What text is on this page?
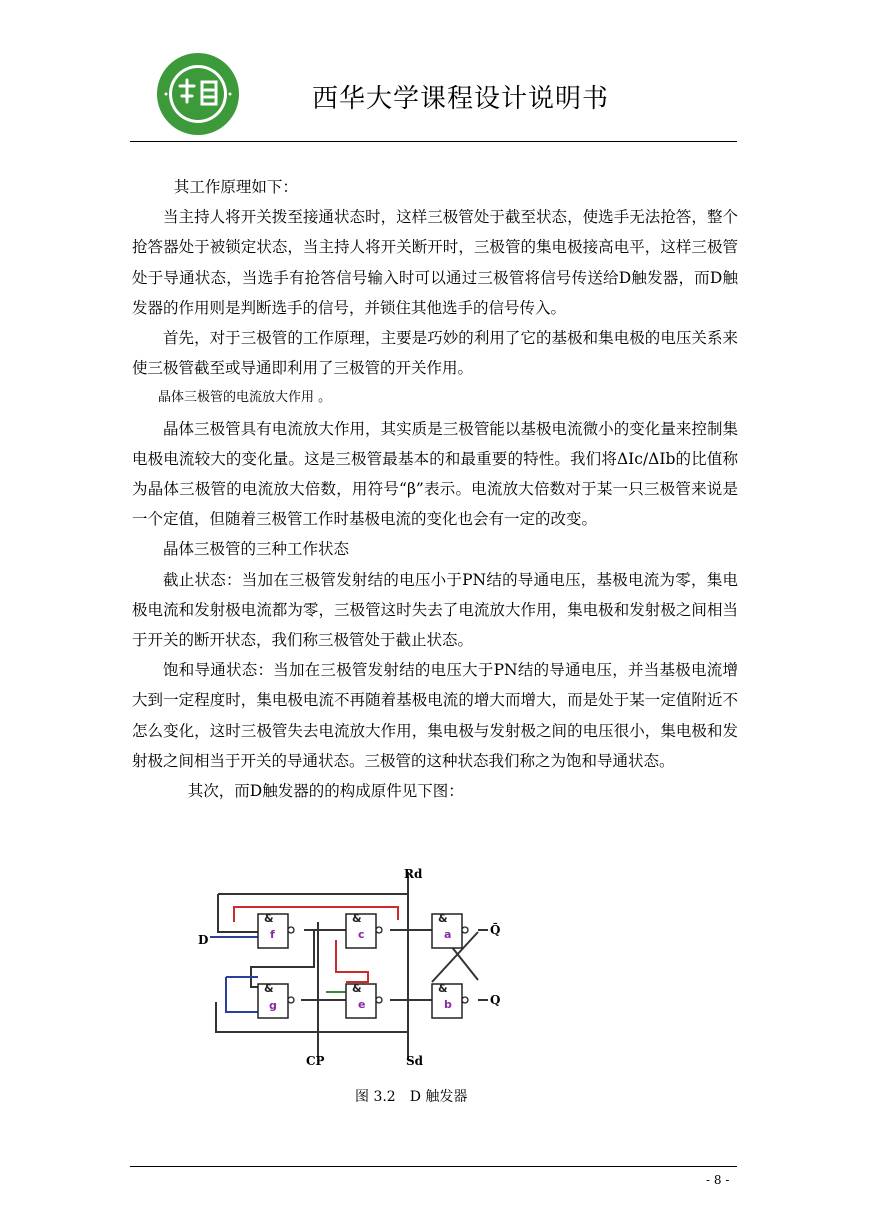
西华大学课程设计说明书

其工作原理如下：

当主持人将开关拨至接通状态时，这样三极管处于截至状态，使选手无法抢答，整个抢答器处于被锁定状态，当主持人将开关断开时，三极管的集电极接高电平，这样三极管处于导通状态，当选手有抢答信号输入时可以通过三极管将信号传送给D触发器，而D触发器的作用则是判断选手的信号，并锁住其他选手的信号传入。

首先，对于三极管的工作原理，主要是巧妙的利用了它的基极和集电极的电压关系来使三极管截至或导通即利用了三极管的开关作用。

晶体三极管的电流放大作用 。

晶体三极管具有电流放大作用，其实质是三极管能以基极电流微小的变化量来控制集电极电流较大的变化量。这是三极管最基本的和最重要的特性。我们将ΔIc/ΔIb的比值称为晶体三极管的电流放大倍数，用符号“β”表示。电流放大倍数对于某一只三极管来说是一个定值，但随着三极管工作时基极电流的变化也会有一定的改变。

晶体三极管的三种工作状态

截止状态：当加在三极管发射结的电压小于PN结的导通电压，基极电流为零，集电极电流和发射极电流都为零，三极管这时失去了电流放大作用，集电极和发射极之间相当于开关的断开状态，我们称三极管处于截止状态。

饱和导通状态：当加在三极管发射结的电压大于PN结的导通电压，并当基极电流增大到一定程度时，集电极电流不再随着基极电流的增大而增大，而是处于某一定值附近不怎么变化，这时三极管失去电流放大作用，集电极与发射极之间的电压很小，集电极和发射极之间相当于开关的导通状态。三极管的这种状态我们称之为饱和导通状态。

其次，而D触发器的的构成原件见下图：

&
f
&
c
&
a
&
g
&
e
&
b
Rd
Sd
D
CP
Q̄
Q
图 3.2　D 触发器
- 8 -
